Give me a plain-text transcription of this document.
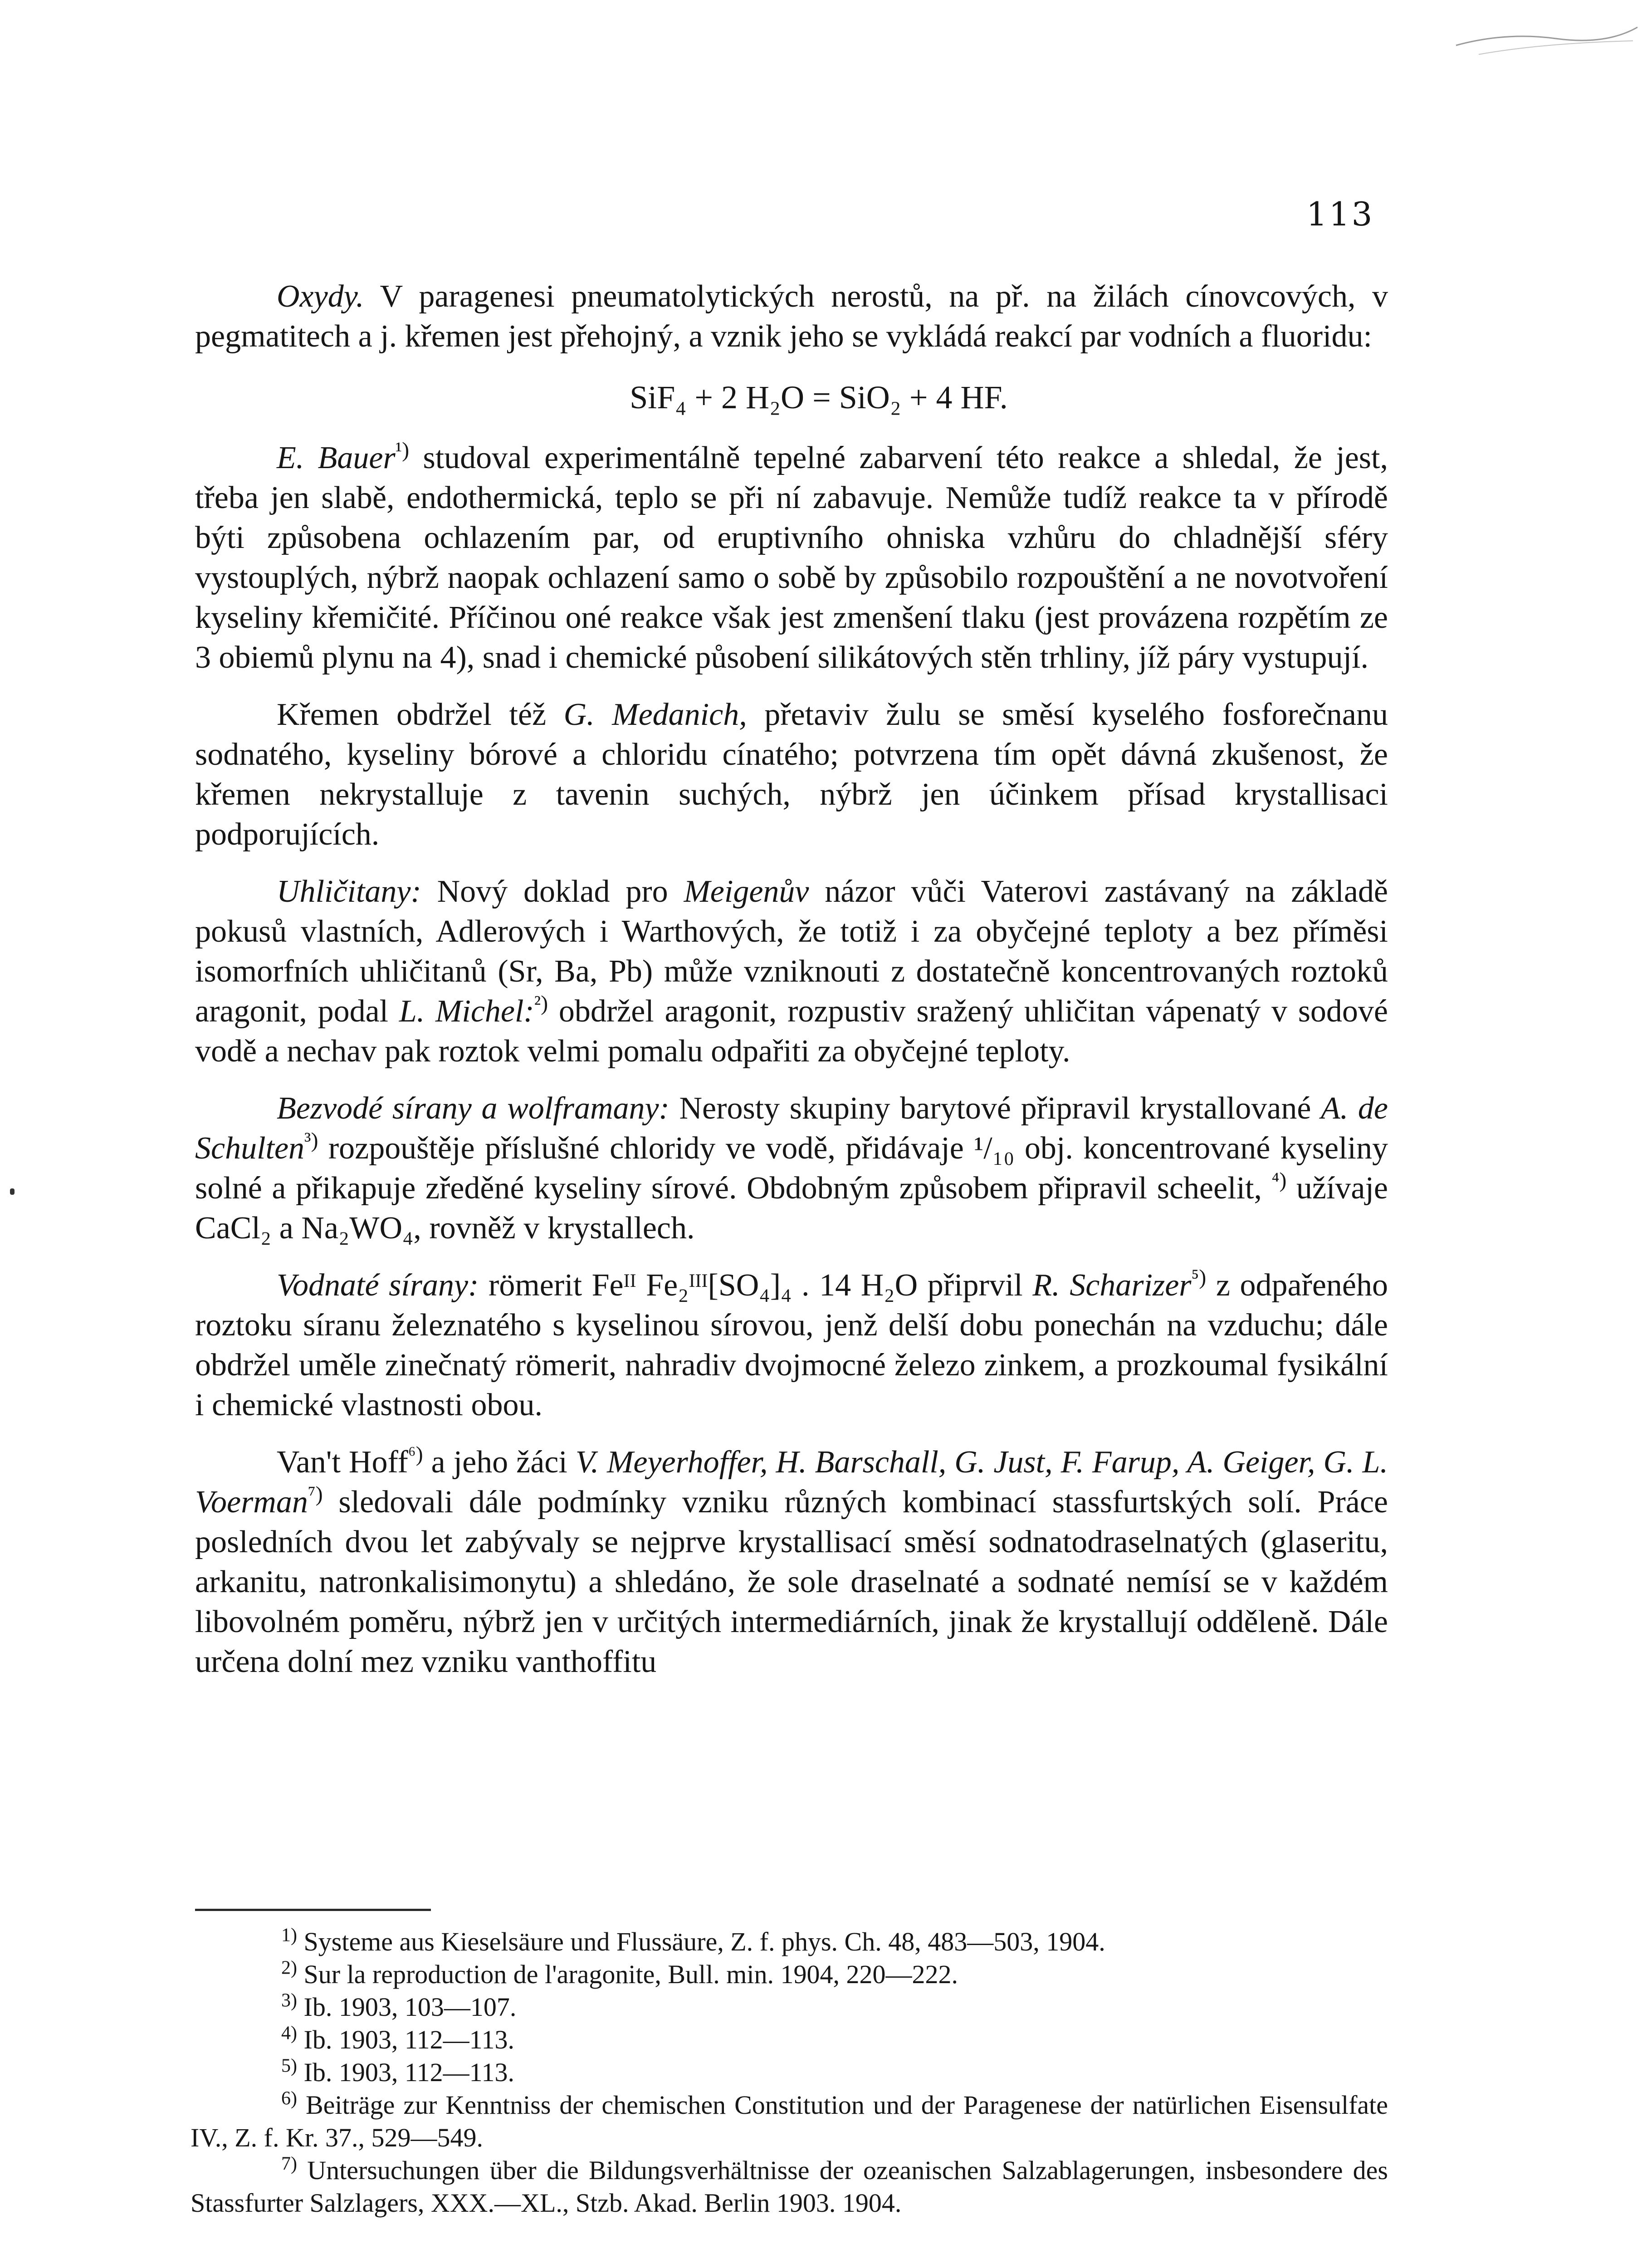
113

Oxydy. V paragenesi pneumatolytických nerostů, na př. na žilách cínovcových, v pegmatitech a j. křemen jest přehojný, a vznik jeho se vykládá reakcí par vodních a fluoridu:

SiF₄ + 2 H₂O = SiO₂ + 4 HF.

E. Bauer$^{^1)}$ studoval experimentálně tepelné zabarvení této reakce a shledal, že jest, třeba jen slabě, endothermická, teplo se při ní zabavuje. Nemůže tudíž reakce ta v přírodě býti způsobena ochlazením par, od eruptivního ohniska vzhůru do chladnější sféry vystouplých, nýbrž naopak ochlazení samo o sobě by způsobilo rozpouštění a ne novotvoření kyseliny křemičité. Příčinou oné reakce však jest zmenšení tlaku (jest provázena rozpětím ze 3 obiemů plynu na 4), snad i chemické působení silikátových stěn trhliny, jíž páry vystupují.

Křemen obdržel též G. Medanich, přetaviv žulu se směsí kyselého fosforečnanu sodnatého, kyseliny bórové a chloridu cínatého; potvrzena tím opět dávná zkušenost, že křemen nekrystalluje z tavenin suchých, nýbrž jen účinkem přísad krystallisaci podporujících.

Uhličitany: Nový doklad pro Meigenův názor vůči Vaterovi zastávaný na základě pokusů vlastních, Adlerových i Warthových, že totiž i za obyčejné teploty a bez příměsi isomorfních uhličitanů (Sr, Ba, Pb) může vzniknouti z dostatečně koncentrovaných roztoků aragonit, podal L. Michel:$^{^2)}$ obdržel aragonit, rozpustiv sražený uhličitan vápenatý v sodové vodě a nechav pak roztok velmi pomalu odpařiti za obyčejné teploty.

Bezvodé sírany a wolframany: Nerosty skupiny barytové připravil krystallované A. de Schulten$^{^3)}$ rozpouštěje příslušné chloridy ve vodě, přidávaje ¹/₁₀ obj. koncentrované kyseliny solné a přikapuje zředěné kyseliny sírové. Obdobným způsobem připravil scheelit, $^{^4)}$ užívaje CaCl₂ a Na₂WO₄, rovněž v krystallech.

Vodnaté sírany: römerit Feᴵᴵ Fe₂ᴵᴵᴵ[SO₄]₄ . 14 H₂O připrvil R. Scharizer$^{^5)}$ z odpařeného roztoku síranu železnatého s kyselinou sírovou, jenž delší dobu ponechán na vzduchu; dále obdržel uměle zinečnatý römerit, nahradiv dvojmocné železo zinkem, a prozkoumal fysikální i chemické vlastnosti obou.

Van't Hoff$^{^6)}$ a jeho žáci V. Meyerhoffer, H. Barschall, G. Just, F. Farup, A. Geiger, G. L. Voerman$^{^7)}$ sledovali dále podmínky vzniku různých kombinací stassfurtských solí. Práce posledních dvou let zabývaly se nejprve krystallisací směsí sodnatodraselnatých (glaseritu, arkanitu, natronkalisimonytu) a shledáno, že sole draselnaté a sodnaté nemísí se v každém libovolném poměru, nýbrž jen v určitých intermediárních, jinak že krystallují odděleně. Dále určena dolní mez vzniku vanthoffitu

$^{1)}$ Systeme aus Kieselsäure und Flussäure, Z. f. phys. Ch. 48, 483—503, 1904.

$^{2)}$ Sur la reproduction de l'aragonite, Bull. min. 1904, 220—222.

$^{3)}$ Ib. 1903, 103—107.

$^{4)}$ Ib. 1903, 112—113.

$^{5)}$ Ib. 1903, 112—113.

$^{6)}$ Beiträge zur Kenntniss der chemischen Constitution und der Paragenese der natürlichen Eisensulfate IV., Z. f. Kr. 37., 529—549.

$^{7)}$ Untersuchungen über die Bildungsverhältnisse der ozeanischen Salzablagerungen, insbesondere des Stassfurter Salzlagers, XXX.—XL., Stzb. Akad. Berlin 1903. 1904.
